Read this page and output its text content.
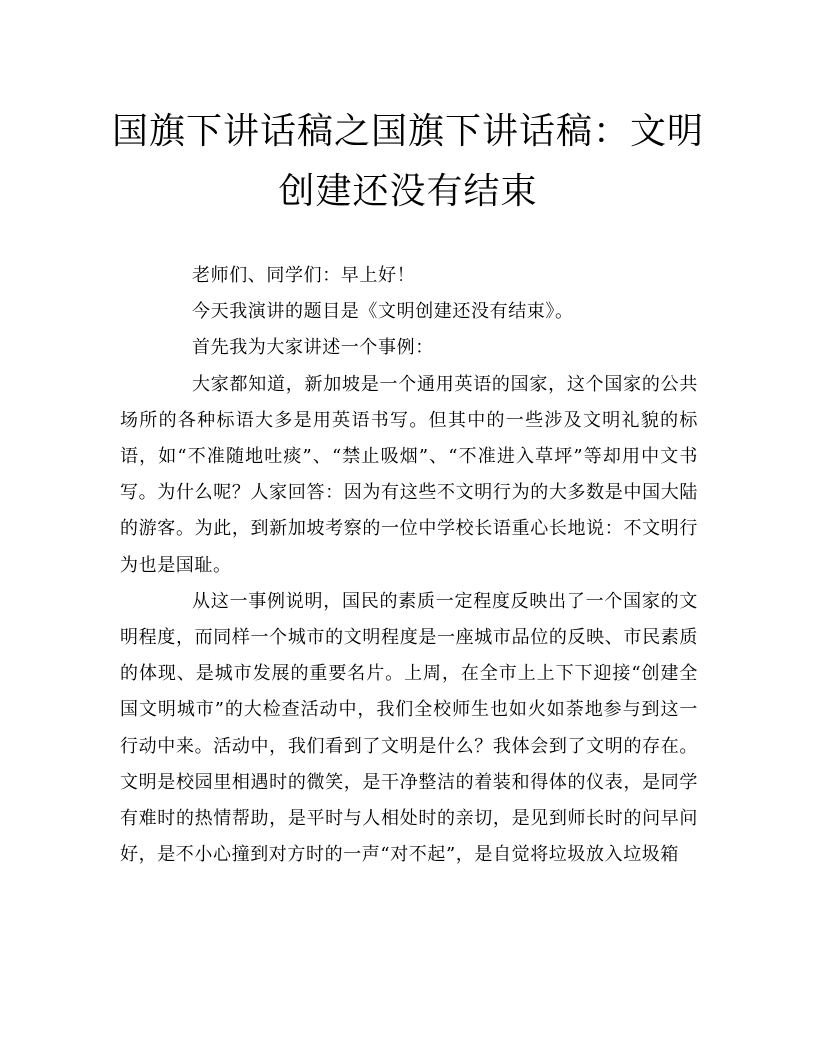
国旗下讲话稿之国旗下讲话稿：文明创建还没有结束

老师们、同学们：早上好！

今天我演讲的题目是《文明创建还没有结束》。

首先我为大家讲述一个事例：

大家都知道，新加坡是一个通用英语的国家，这个国家的公共场所的各种标语大多是用英语书写。但其中的一些涉及文明礼貌的标语，如“不准随地吐痰”、“禁止吸烟”、“不准进入草坪”等却用中文书写。为什么呢？人家回答：因为有这些不文明行为的大多数是中国大陆的游客。为此，到新加坡考察的一位中学校长语重心长地说：不文明行为也是国耻。

从这一事例说明，国民的素质一定程度反映出了一个国家的文明程度，而同样一个城市的文明程度是一座城市品位的反映、市民素质的体现、是城市发展的重要名片。上周，在全市上上下下迎接“创建全国文明城市”的大检查活动中，我们全校师生也如火如荼地参与到这一行动中来。活动中，我们看到了文明是什么？我体会到了文明的存在。文明是校园里相遇时的微笑，是干净整洁的着装和得体的仪表，是同学有难时的热情帮助，是平时与人相处时的亲切，是见到师长时的问早问好，是不小心撞到对方时的一声“对不起”，是自觉将垃圾放入垃圾箱
